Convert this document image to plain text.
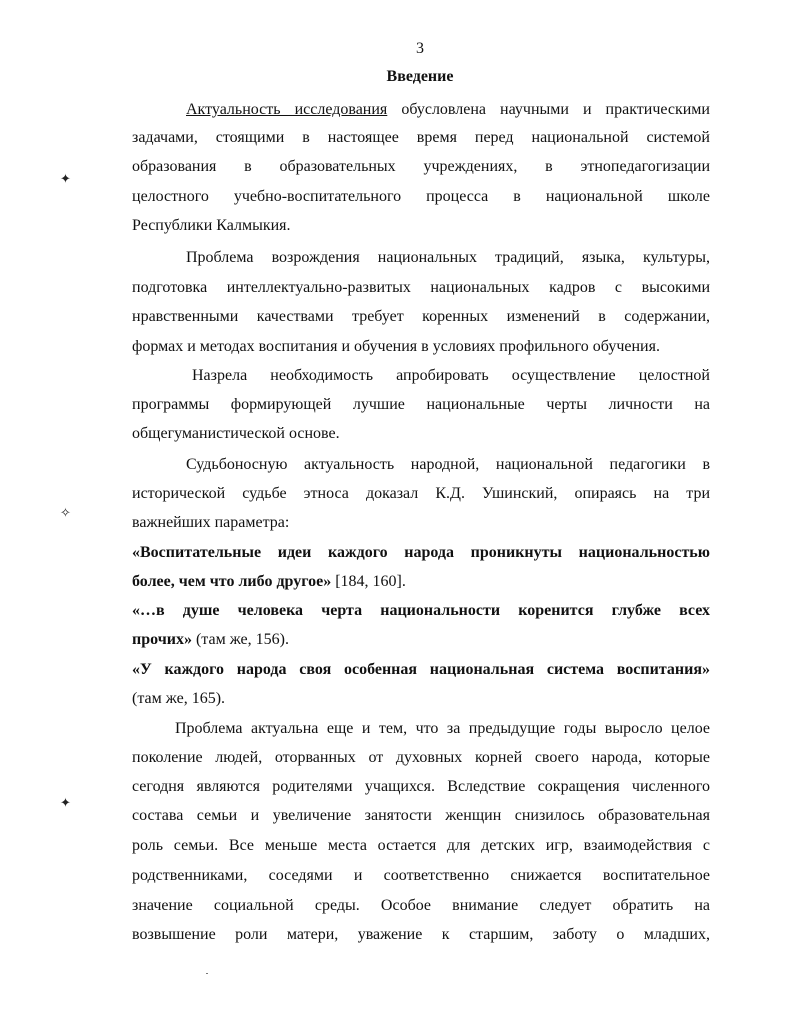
3
Введение
Актуальность исследования обусловлена научными и практическими
задачами, стоящими в настоящее время перед национальной системой
образования в образовательных учреждениях, в этнопедагогизации
целостного учебно-воспитательного процесса в национальной школе
Республики Калмыкия.
Проблема возрождения национальных традиций, языка, культуры,
подготовка интеллектуально-развитых национальных кадров с высокими
нравственными качествами требует коренных изменений в содержании,
формах и методах воспитания и обучения в условиях профильного обучения.
Назрела необходимость апробировать осуществление целостной
программы формирующей лучшие национальные черты личности на
общегуманистической основе.
Судьбоносную актуальность народной, национальной педагогики в
исторической судьбе этноса доказал К.Д. Ушинский, опираясь на три
важнейших параметра:
«Воспитательные идеи каждого народа проникнуты национальностью
более, чем что либо другое» [184, 160].
«…в душе человека черта национальности коренится глубже всех
прочих» (там же, 156).
«У каждого народа своя особенная национальная система воспитания»
(там же, 165).
Проблема актуальна еще и тем, что за предыдущие годы выросло целое
поколение людей, оторванных от духовных корней своего народа, которые
сегодня являются родителями учащихся. Вследствие сокращения численного
состава семьи и увеличение занятости женщин снизилось образовательная
роль семьи. Все меньше места остается для детских игр, взаимодействия с
родственниками, соседями и соответственно снижается воспитательное
значение социальной среды. Особое внимание следует обратить на
возвышение роли матери, уважение к старшим, заботу о младших,
✦
✧
✦
